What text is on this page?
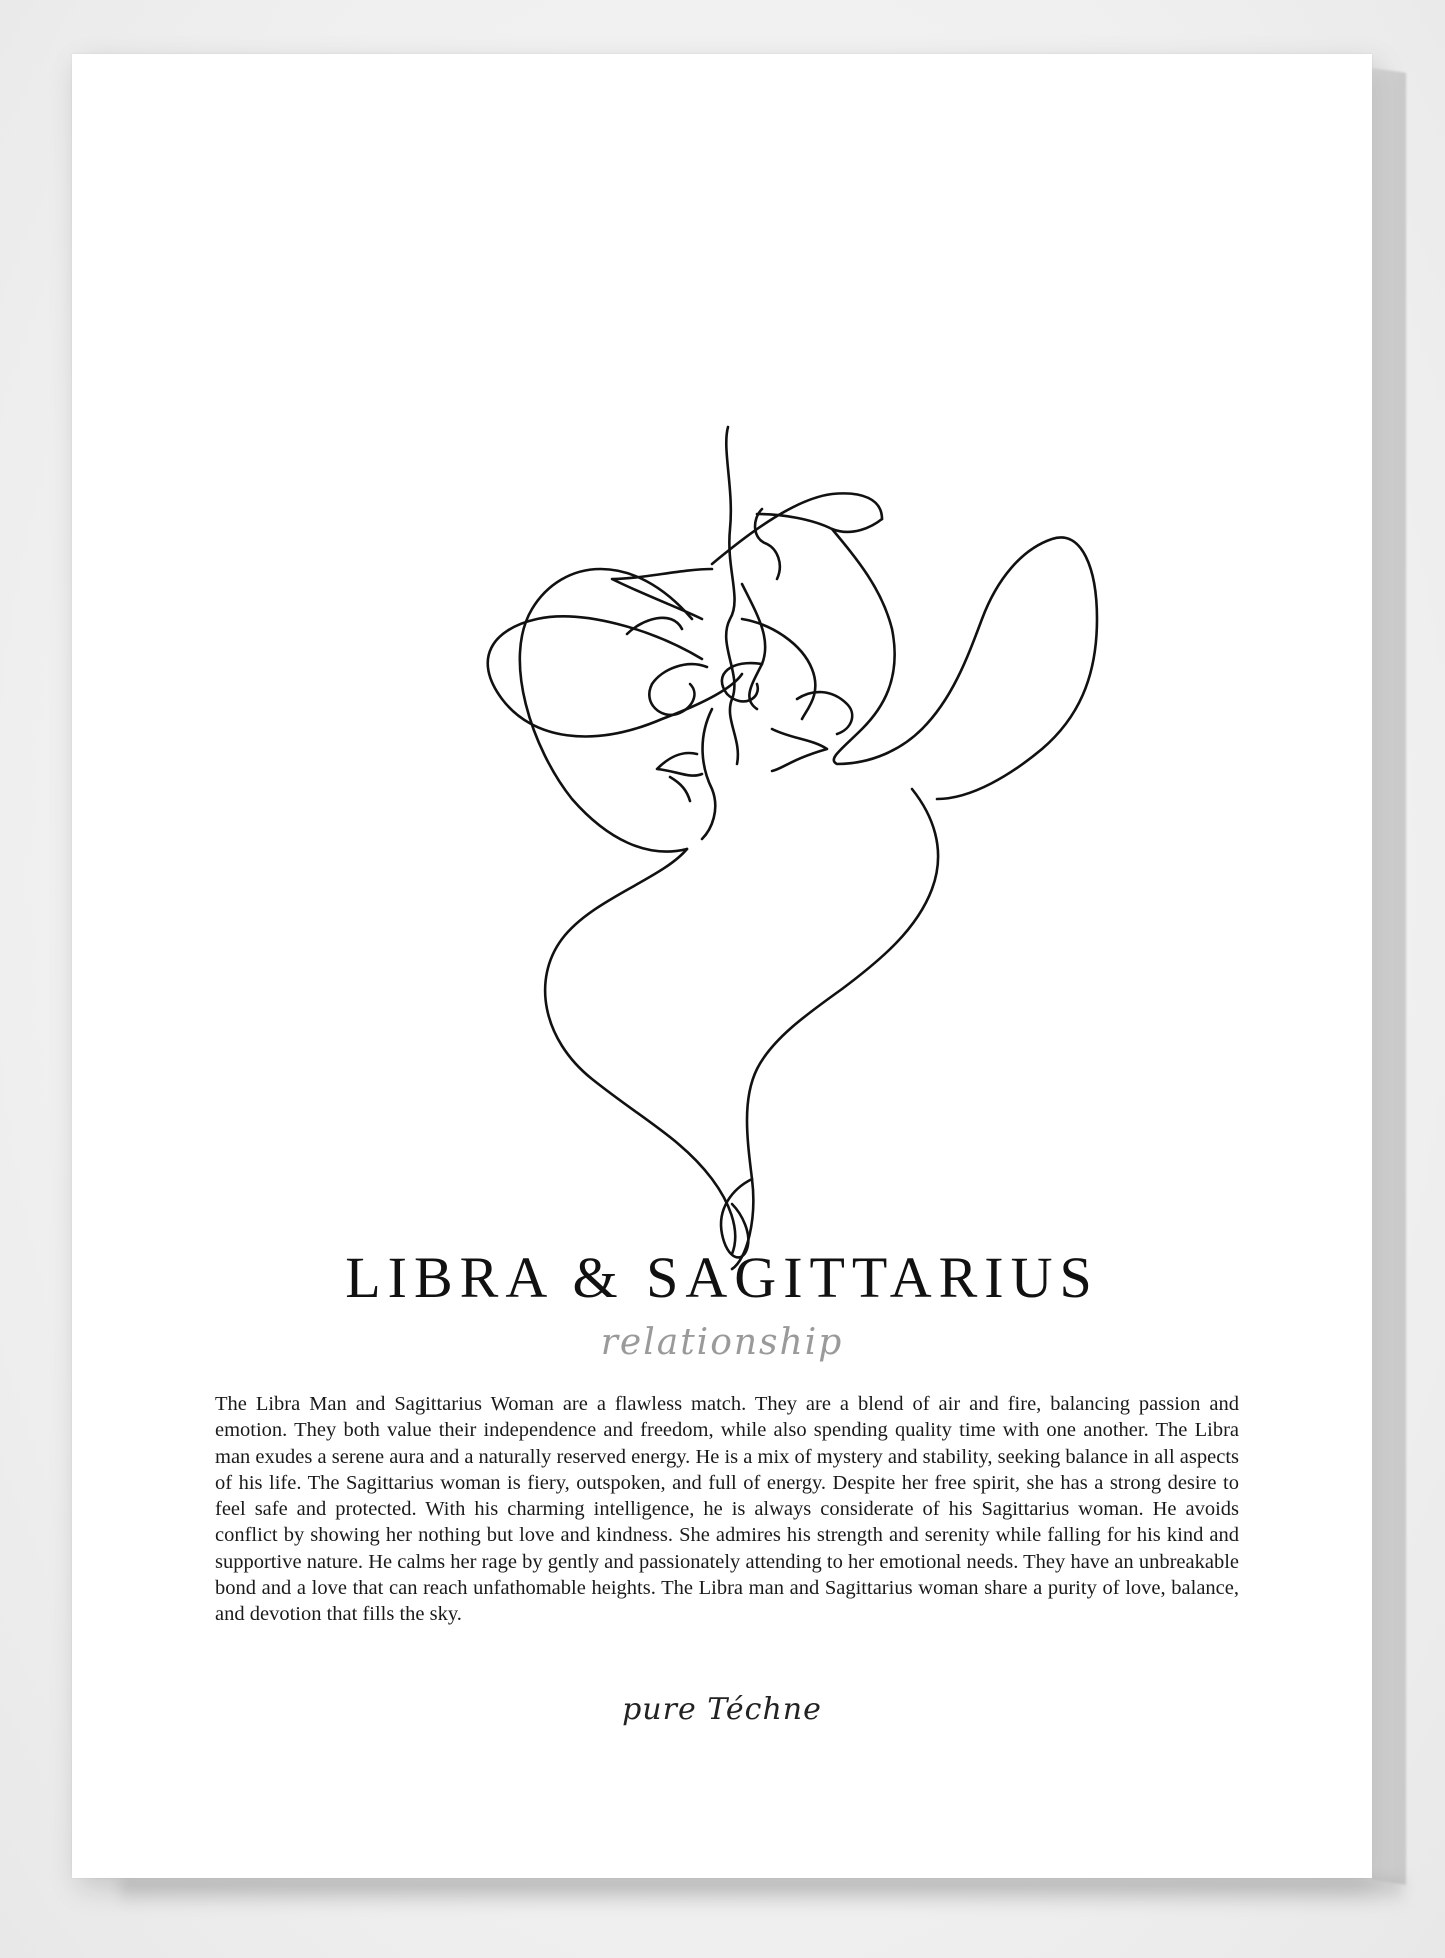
LIBRA & SAGITTARIUS

relationship

The Libra Man and Sagittarius Woman are a flawless match. They are a blend of air and fire, balancing passion and emotion. They both value their independence and freedom, while also spending quality time with one another. The Libra man exudes a serene aura and a naturally reserved energy. He is a mix of mystery and stability, seeking balance in all aspects of his life. The Sagittarius woman is fiery, outspoken, and full of energy. Despite her free spirit, she has a strong desire to feel safe and protected. With his charming intelligence, he is always considerate of his Sagittarius woman. He avoids conflict by showing her nothing but love and kindness. She admires his strength and serenity while falling for his kind and supportive nature. He calms her rage by gently and passionately attending to her emotional needs. They have an unbreakable bond and a love that can reach unfathomable heights. The Libra man and Sagittarius woman share a purity of love, balance, and devotion that fills the sky.

pure Téchne
